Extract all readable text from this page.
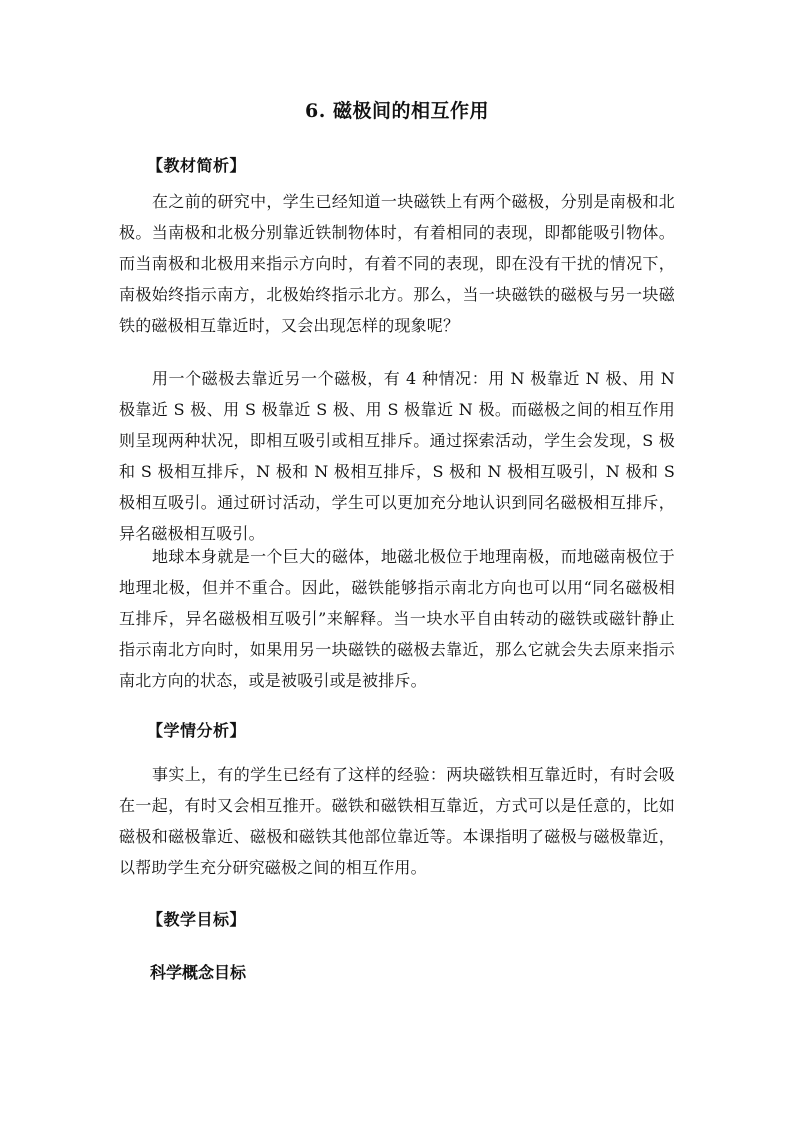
6. 磁极间的相互作用
【教材简析】
在之前的研究中，学生已经知道一块磁铁上有两个磁极，分别是南极和北极。当南极和北极分别靠近铁制物体时，有着相同的表现，即都能吸引物体。而当南极和北极用来指示方向时，有着不同的表现，即在没有干扰的情况下，南极始终指示南方，北极始终指示北方。那么，当一块磁铁的磁极与另一块磁铁的磁极相互靠近时，又会出现怎样的现象呢？
用一个磁极去靠近另一个磁极，有 4 种情况：用 N 极靠近 N 极、用 N 极靠近 S 极、用 S 极靠近 S 极、用 S 极靠近 N 极。而磁极之间的相互作用则呈现两种状况，即相互吸引或相互排斥。通过探索活动，学生会发现，S 极和 S 极相互排斥，N 极和 N 极相互排斥，S 极和 N 极相互吸引，N 极和 S 极相互吸引。通过研讨活动，学生可以更加充分地认识到同名磁极相互排斥，异名磁极相互吸引。
地球本身就是一个巨大的磁体，地磁北极位于地理南极，而地磁南极位于地理北极，但并不重合。因此，磁铁能够指示南北方向也可以用“同名磁极相互排斥，异名磁极相互吸引”来解释。当一块水平自由转动的磁铁或磁针静止指示南北方向时，如果用另一块磁铁的磁极去靠近，那么它就会失去原来指示南北方向的状态，或是被吸引或是被排斥。
【学情分析】
事实上，有的学生已经有了这样的经验：两块磁铁相互靠近时，有时会吸在一起，有时又会相互推开。磁铁和磁铁相互靠近，方式可以是任意的，比如磁极和磁极靠近、磁极和磁铁其他部位靠近等。本课指明了磁极与磁极靠近，以帮助学生充分研究磁极之间的相互作用。
【教学目标】
科学概念目标
